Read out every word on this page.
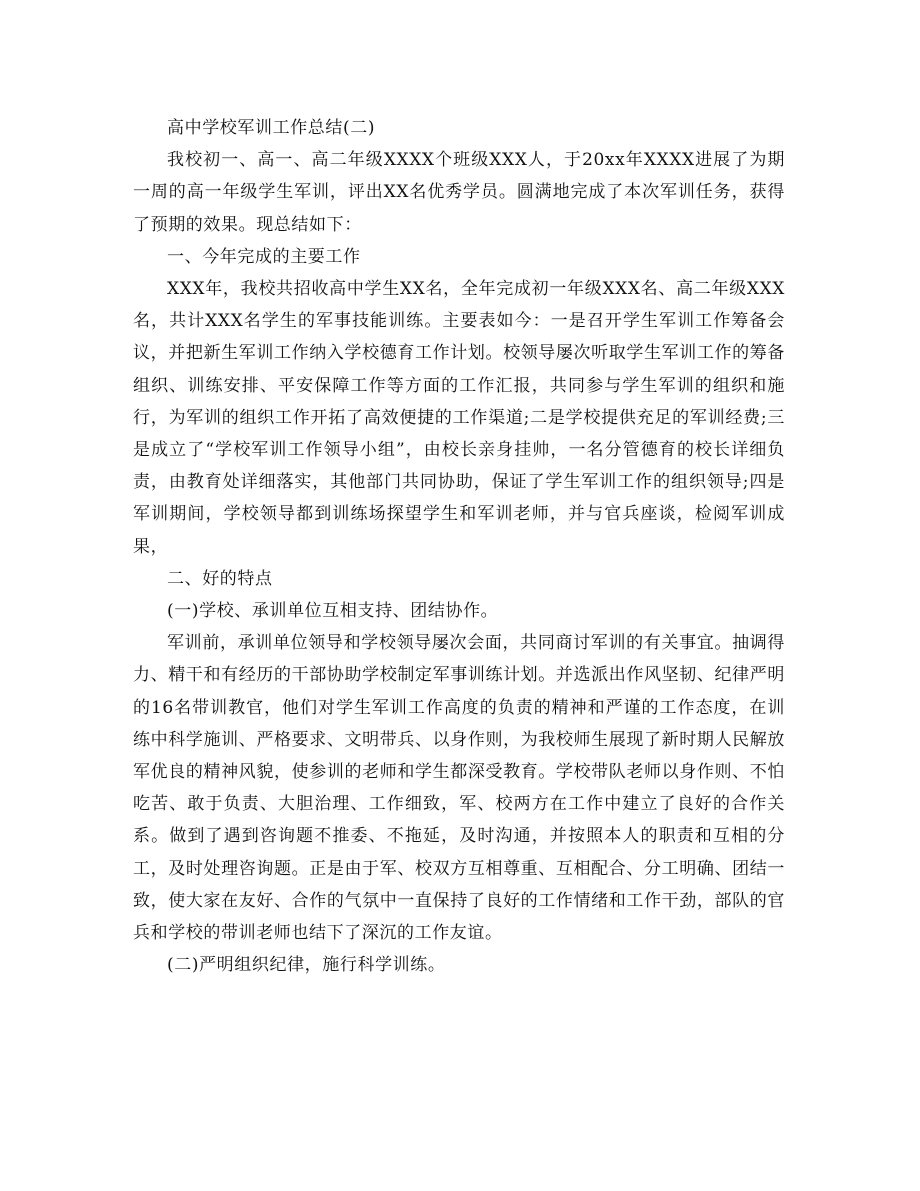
高中学校军训工作总结(二)

我校初一、高一、高二年级XXXX个班级XXX人，于20xx年XXXX进展了为期一周的高一年级学生军训，评出XX名优秀学员。圆满地完成了本次军训任务，获得了预期的效果。现总结如下：

一、今年完成的主要工作

XXX年，我校共招收高中学生XX名，全年完成初一年级XXX名、高二年级XXX名，共计XXX名学生的军事技能训练。主要表如今：一是召开学生军训工作筹备会议，并把新生军训工作纳入学校德育工作计划。校领导屡次听取学生军训工作的筹备组织、训练安排、平安保障工作等方面的工作汇报，共同参与学生军训的组织和施行，为军训的组织工作开拓了高效便捷的工作渠道;二是学校提供充足的军训经费;三是成立了“学校军训工作领导小组”，由校长亲身挂帅，一名分管德育的校长详细负责，由教育处详细落实，其他部门共同协助，保证了学生军训工作的组织领导;四是军训期间，学校领导都到训练场探望学生和军训老师，并与官兵座谈，检阅军训成果，

二、好的特点

(一)学校、承训单位互相支持、团结协作。

军训前，承训单位领导和学校领导屡次会面，共同商讨军训的有关事宜。抽调得力、精干和有经历的干部协助学校制定军事训练计划。并选派出作风坚韧、纪律严明的16名带训教官，他们对学生军训工作高度的负责的精神和严谨的工作态度，在训练中科学施训、严格要求、文明带兵、以身作则，为我校师生展现了新时期人民解放军优良的精神风貌，使参训的老师和学生都深受教育。学校带队老师以身作则、不怕吃苦、敢于负责、大胆治理、工作细致，军、校两方在工作中建立了良好的合作关系。做到了遇到咨询题不推委、不拖延，及时沟通，并按照本人的职责和互相的分工，及时处理咨询题。正是由于军、校双方互相尊重、互相配合、分工明确、团结一致，使大家在友好、合作的气氛中一直保持了良好的工作情绪和工作干劲，部队的官兵和学校的带训老师也结下了深沉的工作友谊。

(二)严明组织纪律，施行科学训练。
